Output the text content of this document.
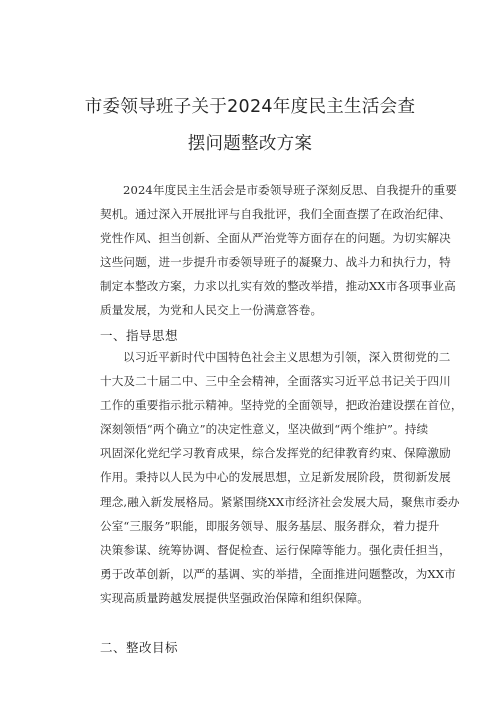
市委领导班子关于2024年度民主生活会查
摆问题整改方案
2024年度民主生活会是市委领导班子深刻反思、自我提升的重要
契机。通过深入开展批评与自我批评，我们全面查摆了在政治纪律、
党性作风、担当创新、全面从严治党等方面存在的问题。为切实解决
这些问题，进一步提升市委领导班子的凝聚力、战斗力和执行力，特
制定本整改方案，力求以扎实有效的整改举措，推动XX市各项事业高
质量发展，为党和人民交上一份满意答卷。
一、指导思想
以习近平新时代中国特色社会主义思想为引领，深入贯彻党的二
十大及二十届二中、三中全会精神，全面落实习近平总书记关于四川
工作的重要指示批示精神。坚持党的全面领导，把政治建设摆在首位，
深刻领悟“两个确立”的决定性意义，坚决做到“两个维护”。持续
巩固深化党纪学习教育成果，综合发挥党的纪律教育约束、保障激励
作用。秉持以人民为中心的发展思想，立足新发展阶段，贯彻新发展
理念,融入新发展格局。紧紧围绕XX市经济社会发展大局，聚焦市委办
公室“三服务”职能，即服务领导、服务基层、服务群众，着力提升
决策参谋、统筹协调、督促检查、运行保障等能力。强化责任担当，
勇于改革创新，以严的基调、实的举措，全面推进问题整改，为XX市
实现高质量跨越发展提供坚强政治保障和组织保障。
二、整改目标
